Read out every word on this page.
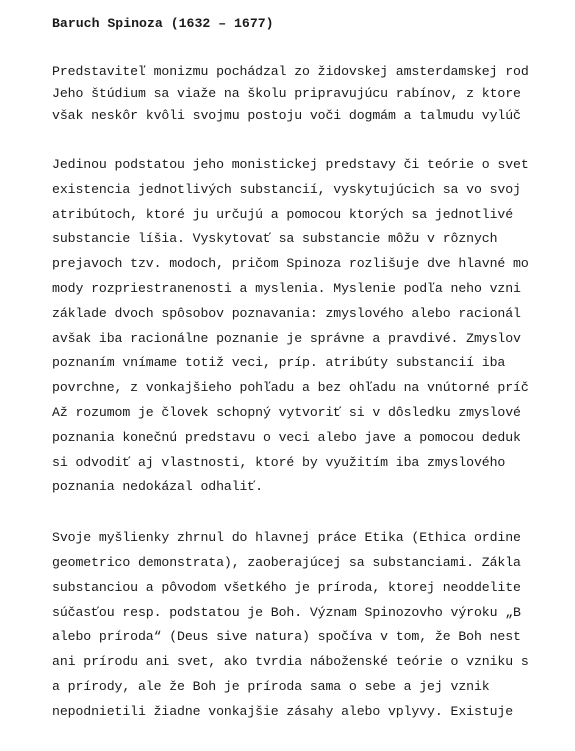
Baruch Spinoza (1632 – 1677)
Predstaviteľ monizmu pochádzal zo židovskej amsterdamskej rod
Jeho štúdium sa viaže na školu pripravujúcu rabínov, z ktore
však neskôr kvôli svojmu postoju voči dogmám a talmudu vylúč
Jedinou podstatou jeho monistickej predstavy či teórie o svet
existencia jednotlivých substancií, vyskytujúcich sa vo svoj
atribútoch, ktoré ju určujú a pomocou ktorých sa jednotlivé
substancie líšia. Vyskytovať sa substancie môžu v rôznych
prejavoch tzv. modoch, pričom Spinoza rozlišuje dve hlavné mo
mody rozpriestranenosti a myslenia. Myslenie podľa neho vzni
základe dvoch spôsobov poznavania: zmyslového alebo racionál
avšak iba racionálne poznanie je správne a pravdivé. Zmyslov
poznaním vnímame totiž veci, príp. atribúty substancií iba
povrchne, z vonkajšieho pohľadu a bez ohľadu na vnútorné príč
Až rozumom je človek schopný vytvoriť si v dôsledku zmyslové
poznania konečnú predstavu o veci alebo jave a pomocou deduk
si odvodiť aj vlastnosti, ktoré by využitím iba zmyslového
poznania nedokázal odhaliť.
Svoje myšlienky zhrnul do hlavnej práce Etika (Ethica ordine
geometrico demonstrata), zaoberajúcej sa substanciami. Zákla
substanciou a pôvodom všetkého je príroda, ktorej neoddelite
súčasťou resp. podstatou je Boh. Význam Spinozovho výroku „B
alebo príroda“ (Deus sive natura) spočíva v tom, že Boh nest
ani prírodu ani svet, ako tvrdia náboženské teórie o vzniku s
a prírody, ale že Boh je príroda sama o sebe a jej vznik
nepodnietili žiadne vonkajšie zásahy alebo vplyvy. Existuje
